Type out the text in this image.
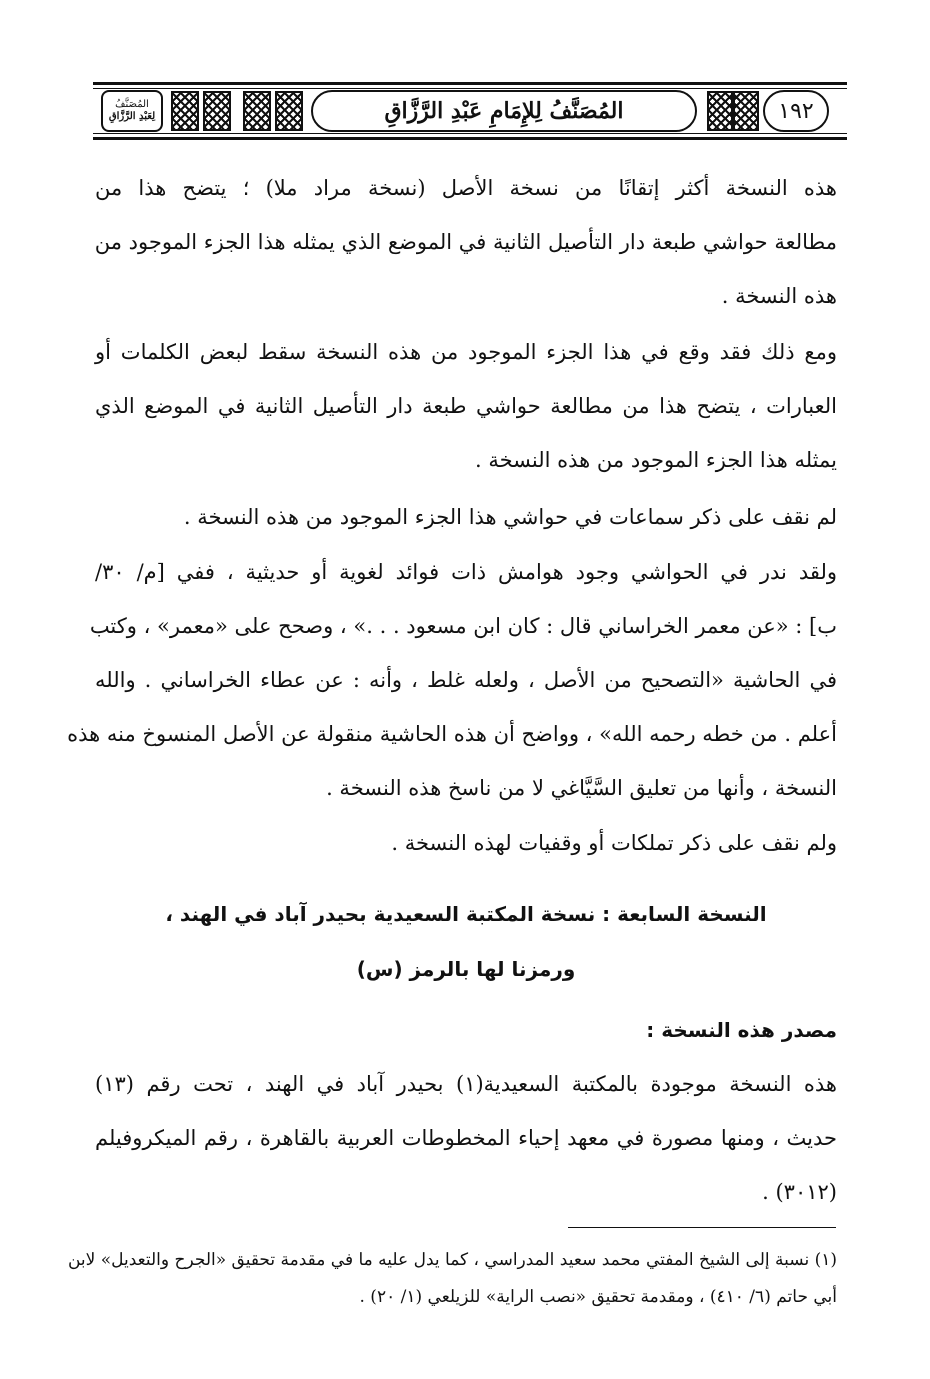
المُصَنَّفُ
لِعَبْدِ الرَّزَّاقِ	المُصَنَّفُ لِلإِمَامِ عَبْدِ الرَّزَّاقِ	١٩٢
هذه النسخة أكثر إتقانًا من نسخة الأصل (نسخة مراد ملا) ؛ يتضح هذا من
مطالعة حواشي طبعة دار التأصيل الثانية في الموضع الذي يمثله هذا الجزء الموجود من
هذه النسخة .
ومع ذلك فقد وقع في هذا الجزء الموجود من هذه النسخة سقط لبعض الكلمات أو
العبارات ، يتضح هذا من مطالعة حواشي طبعة دار التأصيل الثانية في الموضع الذي
يمثله هذا الجزء الموجود من هذه النسخة .
لم نقف على ذكر سماعات في حواشي هذا الجزء الموجود من هذه النسخة .
ولقد ندر في الحواشي وجود هوامش ذات فوائد لغوية أو حديثية ، ففي [م/ ٣٠/
ب] : «عن معمر الخراساني قال : كان ابن مسعود . . .» ، وصحح على «معمر» ، وكتب
في الحاشية «التصحيح من الأصل ، ولعله غلط ، وأنه : عن عطاء الخراساني . والله
أعلم . من خطه رحمه الله» ، وواضح أن هذه الحاشية منقولة عن الأصل المنسوخ منه هذه
النسخة ، وأنها من تعليق السَّيَّاغي لا من ناسخ هذه النسخة .
ولم نقف على ذكر تملكات أو وقفيات لهذه النسخة .
النسخة السابعة : نسخة المكتبة السعيدية بحيدر آباد في الهند ،
ورمزنا لها بالرمز (س)
مصدر هذه النسخة :
هذه النسخة موجودة بالمكتبة السعيدية(١) بحيدر آباد في الهند ، تحت رقم (١٣)
حديث ، ومنها مصورة في معهد إحياء المخطوطات العربية بالقاهرة ، رقم الميكروفيلم
(٣٠١٢) .
(١) نسبة إلى الشيخ المفتي محمد سعيد المدراسي ، كما يدل عليه ما في مقدمة تحقيق «الجرح والتعديل» لابن
أبي حاتم (٦/ ٤١٠) ، ومقدمة تحقيق «نصب الراية» للزيلعي (١/ ٢٠) .
